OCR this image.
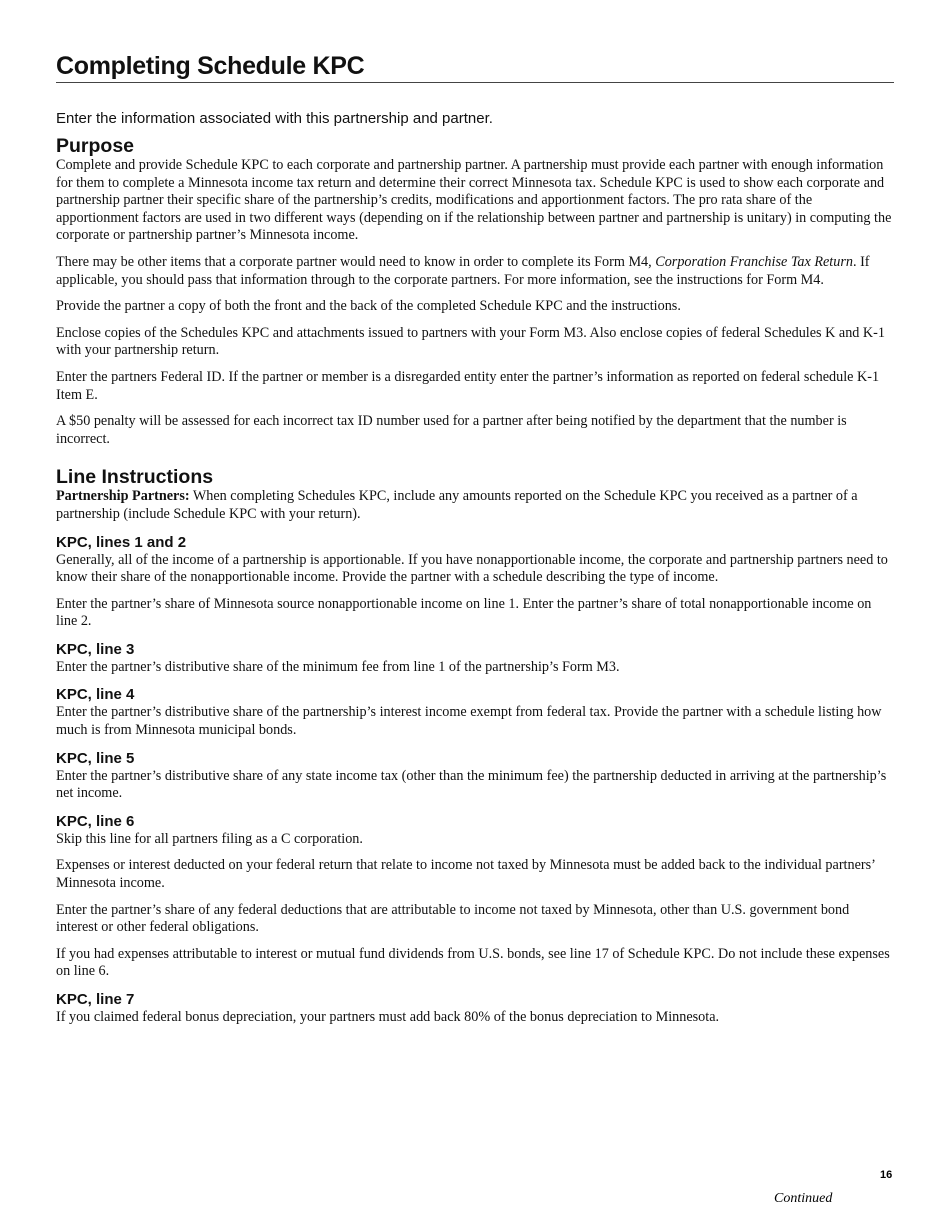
Completing Schedule KPC
Enter the information associated with this partnership and partner.
Purpose

Complete and provide Schedule KPC to each corporate and partnership partner. A partnership must provide each partner with enough information for them to complete a Minnesota income tax return and determine their correct Minnesota tax. Schedule KPC is used to show each corporate and partnership partner their specific share of the partnership’s credits, modifications and apportionment factors. The pro rata share of the apportionment factors are used in two different ways (depending on if the relationship between partner and partnership is unitary) in computing the corporate or partnership partner’s Minnesota income.

There may be other items that a corporate partner would need to know in order to complete its Form M4, Corporation Franchise Tax Return. If applicable, you should pass that information through to the corporate partners. For more information, see the instructions for Form M4.

Provide the partner a copy of both the front and the back of the completed Schedule KPC and the instructions.

Enclose copies of the Schedules KPC and attachments issued to partners with your Form M3. Also enclose copies of federal Schedules K and K-1 with your partnership return.

Enter the partners Federal ID. If the partner or member is a disregarded entity enter the partner’s information as reported on federal schedule K-1 Item E.

A $50 penalty will be assessed for each incorrect tax ID number used for a partner after being notified by the department that the number is incorrect.

Line Instructions

Partnership Partners: When completing Schedules KPC, include any amounts reported on the Schedule KPC you received as a partner of a partnership (include Schedule KPC with your return).

KPC, lines 1 and 2

Generally, all of the income of a partnership is apportionable. If you have nonapportionable income, the corporate and partnership partners need to know their share of the nonapportionable income. Provide the partner with a schedule describing the type of income.

Enter the partner’s share of Minnesota source nonapportionable income on line 1. Enter the partner’s share of total nonapportionable income on line 2.

KPC, line 3

Enter the partner’s distributive share of the minimum fee from line 1 of the partnership’s Form M3.

KPC, line 4

Enter the partner’s distributive share of the partnership’s interest income exempt from federal tax. Provide the partner with a schedule listing how much is from Minnesota municipal bonds.

KPC, line 5

Enter the partner’s distributive share of any state income tax (other than the minimum fee) the partnership deducted in arriving at the partnership’s net income.

KPC, line 6

Skip this line for all partners filing as a C corporation.

Expenses or interest deducted on your federal return that relate to income not taxed by Minnesota must be added back to the individual partners’ Minnesota income.

Enter the partner’s share of any federal deductions that are attributable to income not taxed by Minnesota, other than U.S. government bond interest or other federal obligations.

If you had expenses attributable to interest or mutual fund dividends from U.S. bonds, see line 17 of Schedule KPC. Do not include these expenses on line 6.

KPC, line 7

If you claimed federal bonus depreciation, your partners must add back 80% of the bonus depreciation to Minnesota.

16
Continued
